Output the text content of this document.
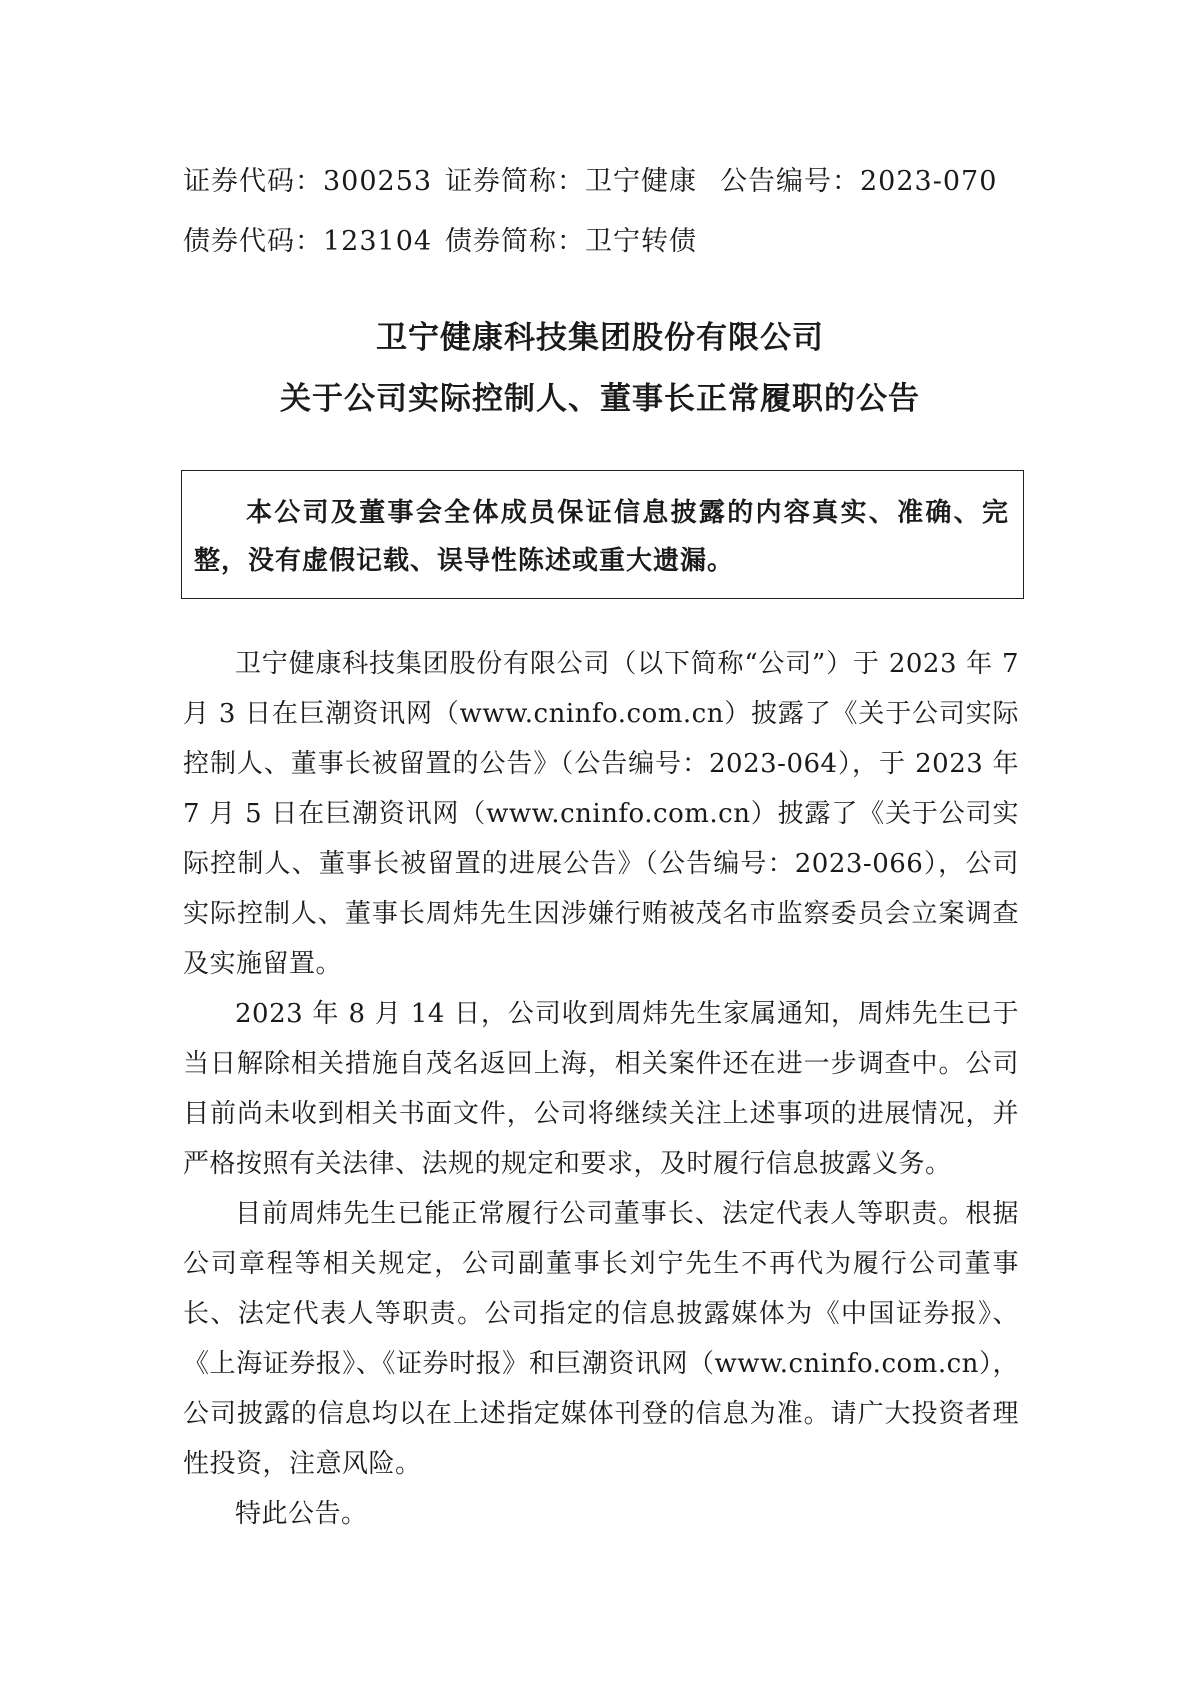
证券代码：300253 证券简称：卫宁健康 公告编号：2023-070
债券代码：123104 债券简称：卫宁转债
卫宁健康科技集团股份有限公司
关于公司实际控制人、董事长正常履职的公告
本公司及董事会全体成员保证信息披露的内容真实、准确、完整，没有虚假记载、误导性陈述或重大遗漏。

卫宁健康科技集团股份有限公司（以下简称“公司”）于 2023 年 7 月 3 日在巨潮资讯网（www.cninfo.com.cn）披露了《关于公司实际控制人、董事长被留置的公告》（公告编号：2023-064），于 2023 年 7 月 5 日在巨潮资讯网（www.cninfo.com.cn）披露了《关于公司实际控制人、董事长被留置的进展公告》（公告编号：2023-066），公司实际控制人、董事长周炜先生因涉嫌行贿被茂名市监察委员会立案调查及实施留置。

2023 年 8 月 14 日，公司收到周炜先生家属通知，周炜先生已于当日解除相关措施自茂名返回上海，相关案件还在进一步调查中。公司目前尚未收到相关书面文件，公司将继续关注上述事项的进展情况，并严格按照有关法律、法规的规定和要求，及时履行信息披露义务。

目前周炜先生已能正常履行公司董事长、法定代表人等职责。根据公司章程等相关规定，公司副董事长刘宁先生不再代为履行公司董事长、法定代表人等职责。公司指定的信息披露媒体为《中国证券报》、《上海证券报》、《证券时报》和巨潮资讯网（www.cninfo.com.cn），公司披露的信息均以在上述指定媒体刊登的信息为准。请广大投资者理性投资，注意风险。

特此公告。
